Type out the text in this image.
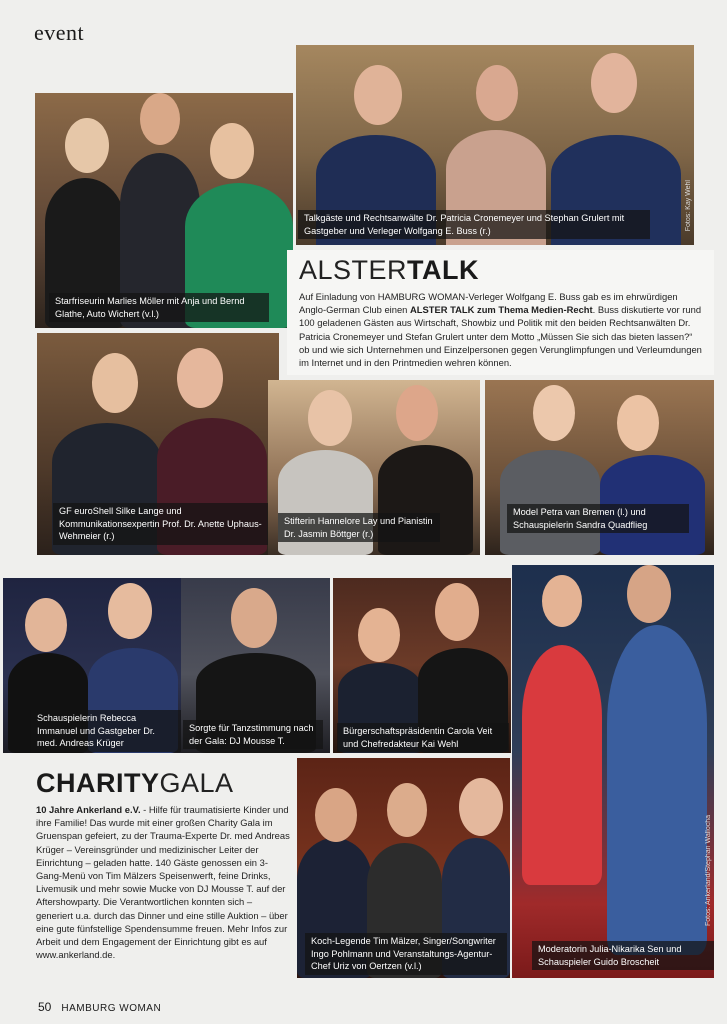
event
Talkgäste und Rechtsanwälte Dr. Patricia Cronemeyer und Stephan Grulert mit Gastgeber und Verleger Wolfgang E. Buss (r.)	Fotos: Kay Wehl
Starfriseurin Marlies Möller mit Anja und Bernd Glathe, Auto Wichert (v.l.)
ALSTERTALK
Auf Einladung von HAMBURG WOMAN-Verleger Wolfgang E. Buss gab es im ehrwürdigen Anglo-German Club einen ALSTER TALK zum Thema Medien-Recht. Buss diskutierte vor rund 100 geladenen Gästen aus Wirtschaft, Showbiz und Politik mit den beiden Rechtsanwälten Dr. Patricia Cronemeyer und Stefan Grulert unter dem Motto „Müssen Sie sich das bieten lassen?“ ob und wie sich Unternehmen und Einzelpersonen gegen Verunglimpfungen und Verleumdungen im Internet und in den Printmedien wehren können.
GF euroShell Silke Lange und Kommunikationsexpertin Prof. Dr. Anette Uphaus-Wehmeier (r.)
Stifterin Hannelore Lay und Pianistin Dr. Jasmin Böttger (r.)
Model Petra van Bremen (l.) und Schauspielerin Sandra Quadflieg
Schauspielerin Rebecca Immanuel und Gastgeber Dr. med. Andreas Krüger
Sorgte für Tanzstimmung nach der Gala: DJ Mousse T.
Bürgerschaftspräsidentin Carola Veit und Chefredakteur Kai Wehl
Moderatorin Julia-Nikarika Sen und Schauspieler Guido Broscheit
Fotos: Ankerland/Stephan Wallocha
Koch-Legende Tim Mälzer, Singer/Songwriter Ingo Pohlmann und Veranstaltungs-Agentur-Chef Uriz von Oertzen (v.l.)
CHARITYGALA
10 Jahre Ankerland e.V. - Hilfe für traumatisierte Kinder und ihre Familie! Das wurde mit einer großen Charity Gala im Gruenspan gefeiert, zu der Trauma-Experte Dr. med Andreas Krüger – Vereinsgründer und medizinischer Leiter der Einrichtung – geladen hatte. 140 Gäste genossen ein 3-Gang-Menü von Tim Mälzers Speisenwerft, feine Drinks, Livemusik und mehr sowie Mucke von DJ Mousse T. auf der Aftershowparty. Die Verantwortlichen konnten sich – generiert u.a. durch das Dinner und eine stille Auktion – über eine gute fünfstellige Spendensumme freuen. Mehr Infos zur Arbeit und dem Engagement der Einrichtung gibt es auf www.ankerland.de.
50 HAMBURG WOMAN
